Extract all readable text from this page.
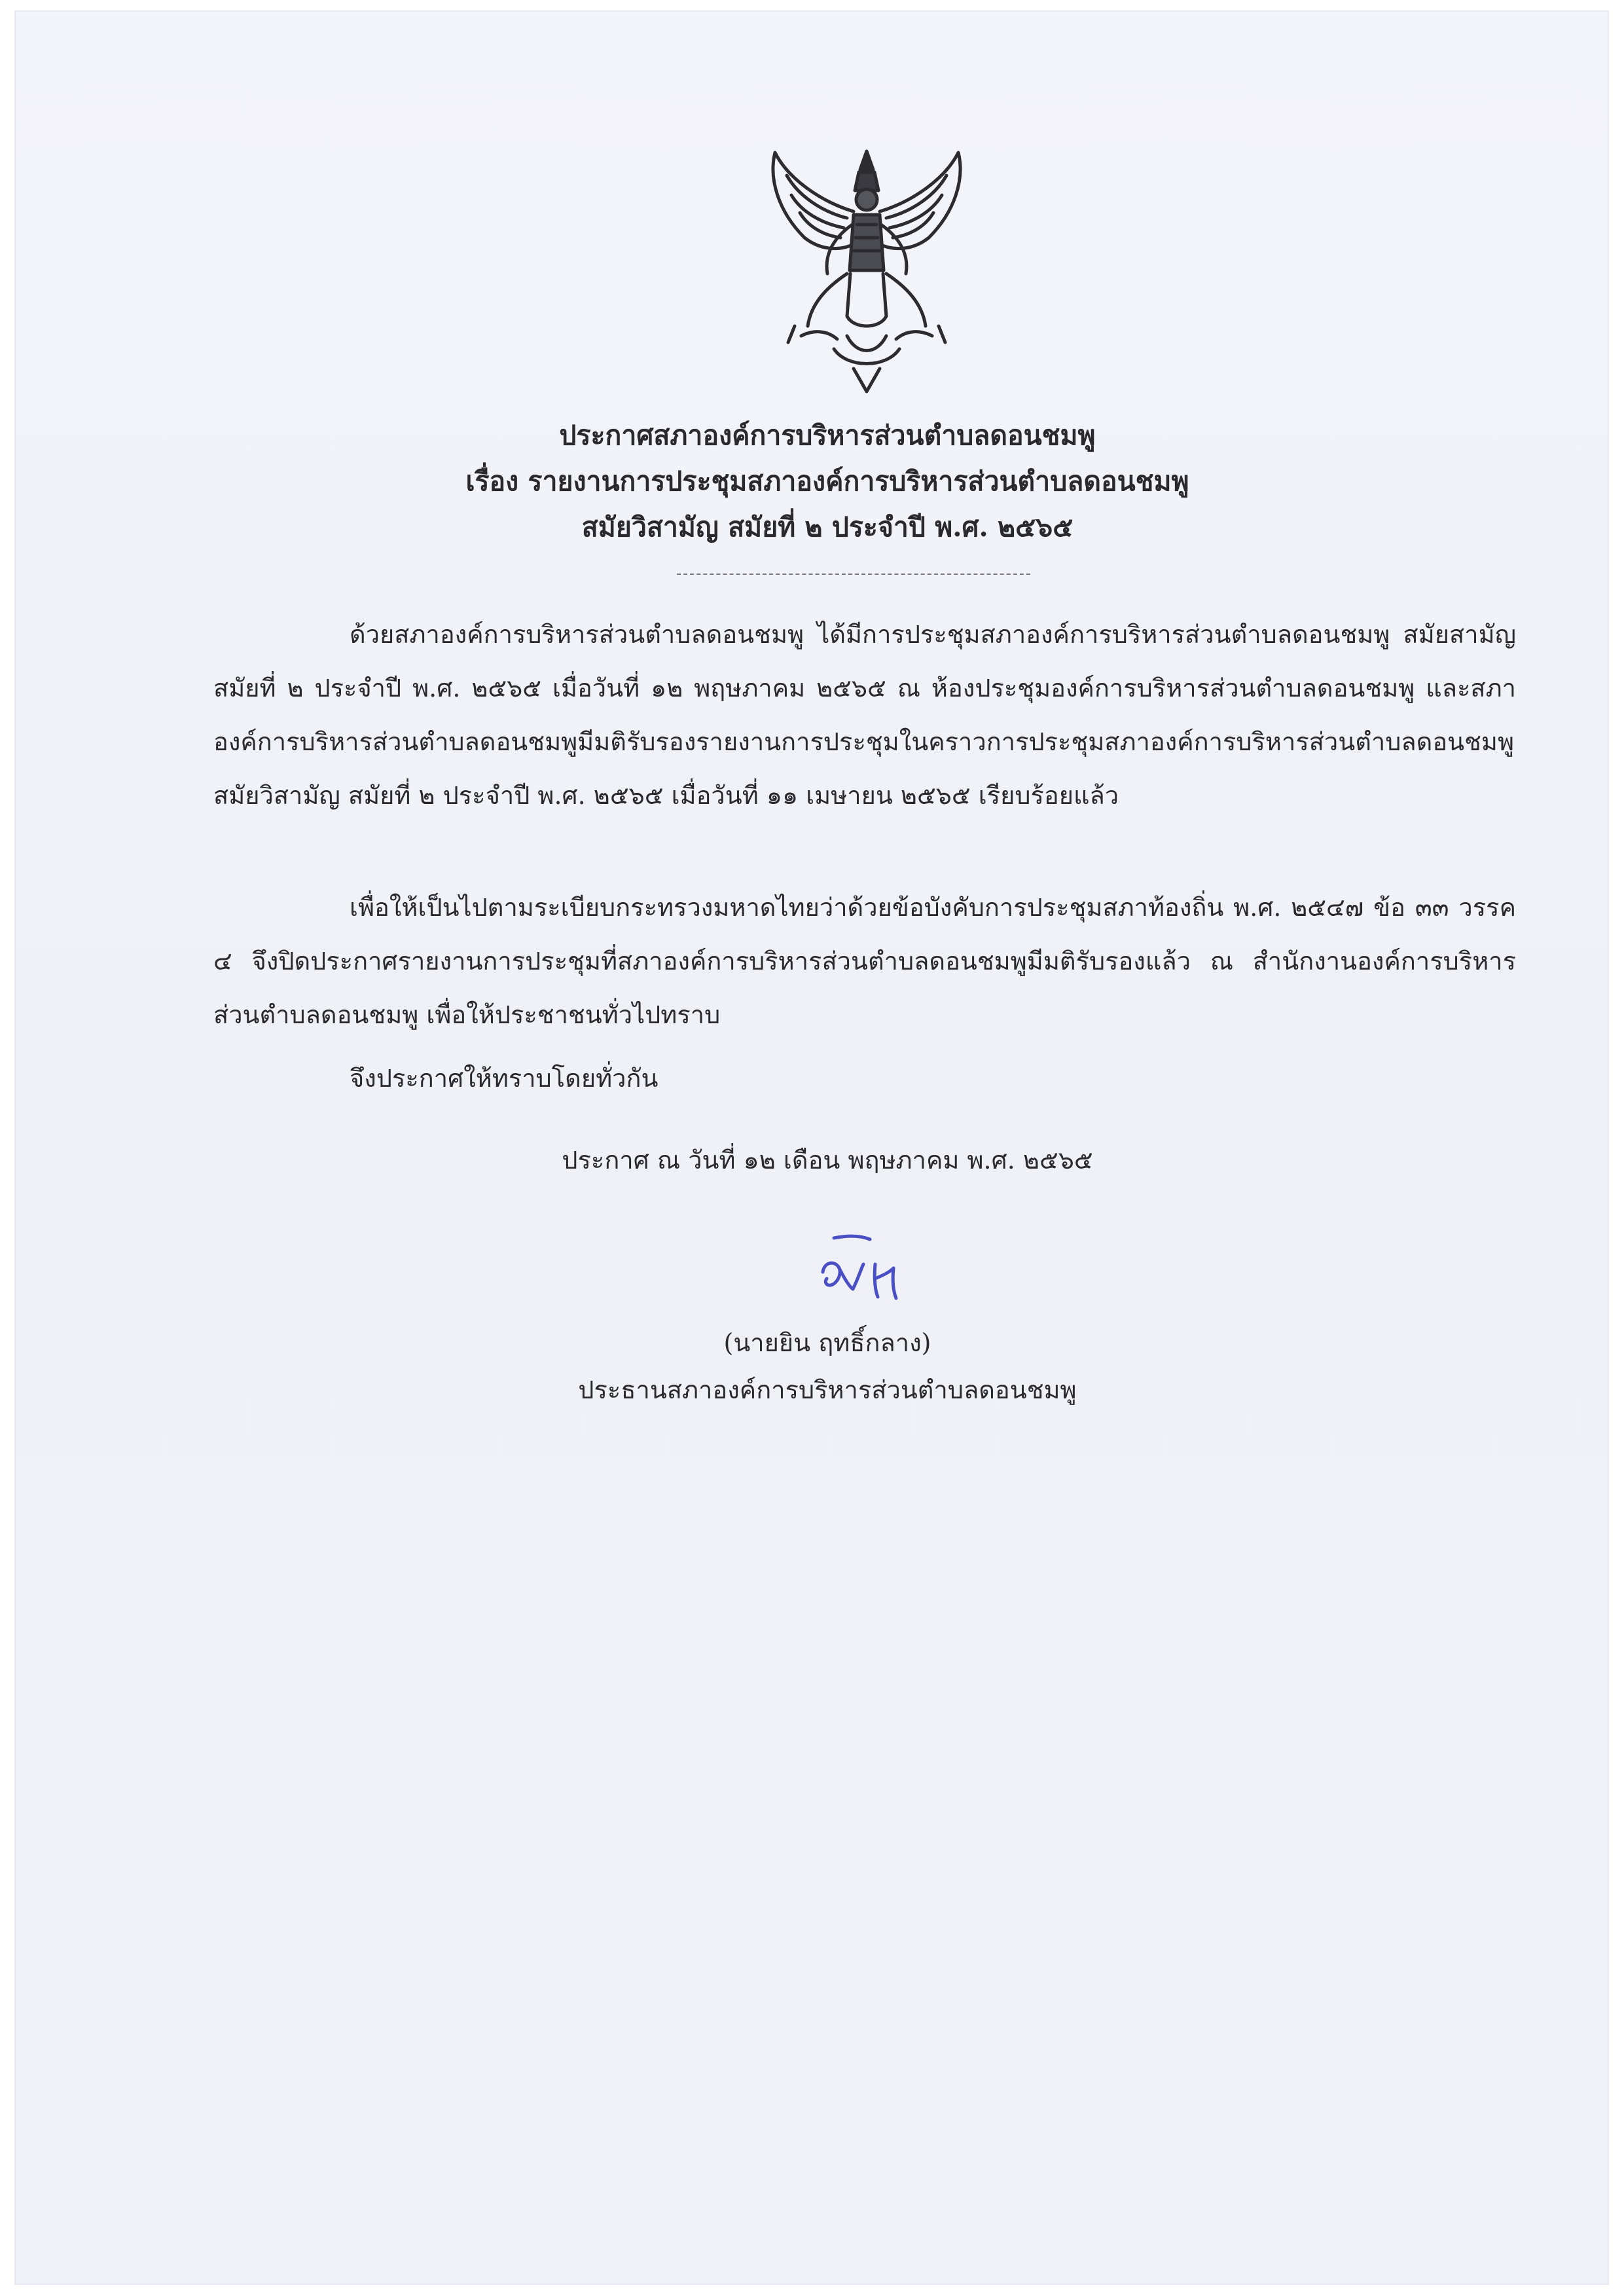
ประกาศสภาองค์การบริหารส่วนตำบลดอนชมพู
เรื่อง รายงานการประชุมสภาองค์การบริหารส่วนตำบลดอนชมพู
สมัยวิสามัญ สมัยที่ ๒ ประจำปี พ.ศ. ๒๕๖๕
ด้วยสภาองค์การบริหารส่วนตำบลดอนชมพู ได้มีการประชุมสภาองค์การบริหารส่วนตำบลดอนชมพู สมัยสามัญ สมัยที่ ๒ ประจำปี พ.ศ. ๒๕๖๕ เมื่อวันที่ ๑๒ พฤษภาคม ๒๕๖๕ ณ ห้องประชุมองค์การบริหารส่วนตำบลดอนชมพู และสภาองค์การบริหารส่วนตำบลดอนชมพูมีมติรับรองรายงานการประชุมในคราวการประชุมสภาองค์การบริหารส่วนตำบลดอนชมพู สมัยวิสามัญ สมัยที่ ๒ ประจำปี พ.ศ. ๒๕๖๕ เมื่อวันที่ ๑๑ เมษายน ๒๕๖๕ เรียบร้อยแล้ว
เพื่อให้เป็นไปตามระเบียบกระทรวงมหาดไทยว่าด้วยข้อบังคับการประชุมสภาท้องถิ่น พ.ศ. ๒๕๔๗ ข้อ ๓๓ วรรค ๔ จึงปิดประกาศรายงานการประชุมที่สภาองค์การบริหารส่วนตำบลดอนชมพูมีมติรับรองแล้ว ณ สำนักงานองค์การบริหารส่วนตำบลดอนชมพู เพื่อให้ประชาชนทั่วไปทราบ
จึงประกาศให้ทราบโดยทั่วกัน
ประกาศ ณ วันที่ ๑๒ เดือน พฤษภาคม พ.ศ. ๒๕๖๕
(นายยิน ฤทธิ์กลาง)
ประธานสภาองค์การบริหารส่วนตำบลดอนชมพู
